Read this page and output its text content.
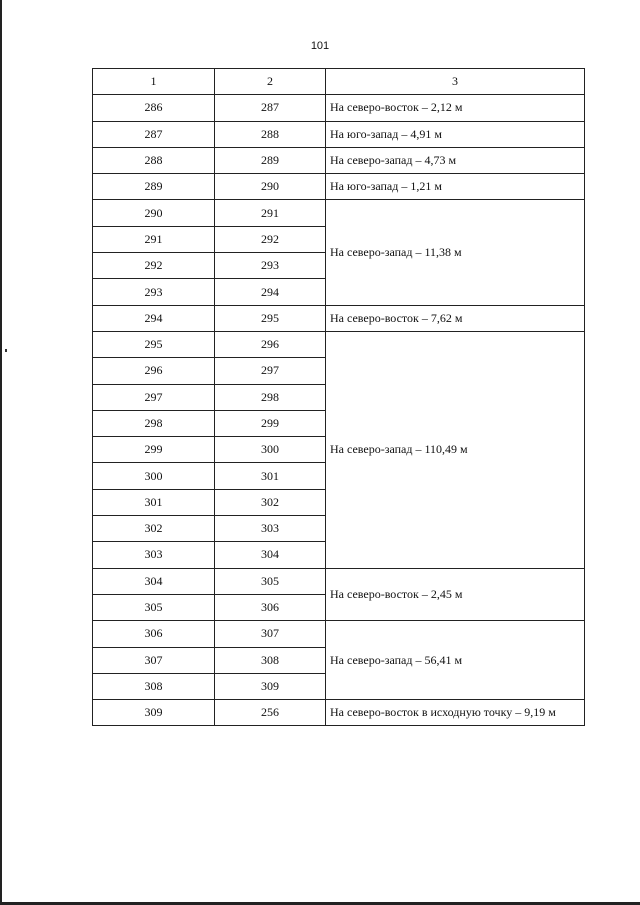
101
1	2	3
286	287	На северо-восток – 2,12 м
287	288	На юго-запад – 4,91 м
288	289	На северо-запад – 4,73 м
289	290	На юго-запад – 1,21 м
290	291	На северо-запад – 11,38 м
291	292	
292	293	
293	294	
294	295	На северо-восток – 7,62 м
295	296	На северо-запад – 110,49 м
296	297	
297	298	
298	299	
299	300	
300	301	
301	302	
302	303	
303	304	
304	305	На северо-восток – 2,45 м
305	306	
306	307	На северо-запад – 56,41 м
307	308	
308	309	
309	256	На северо-восток в исходную точку – 9,19 м
